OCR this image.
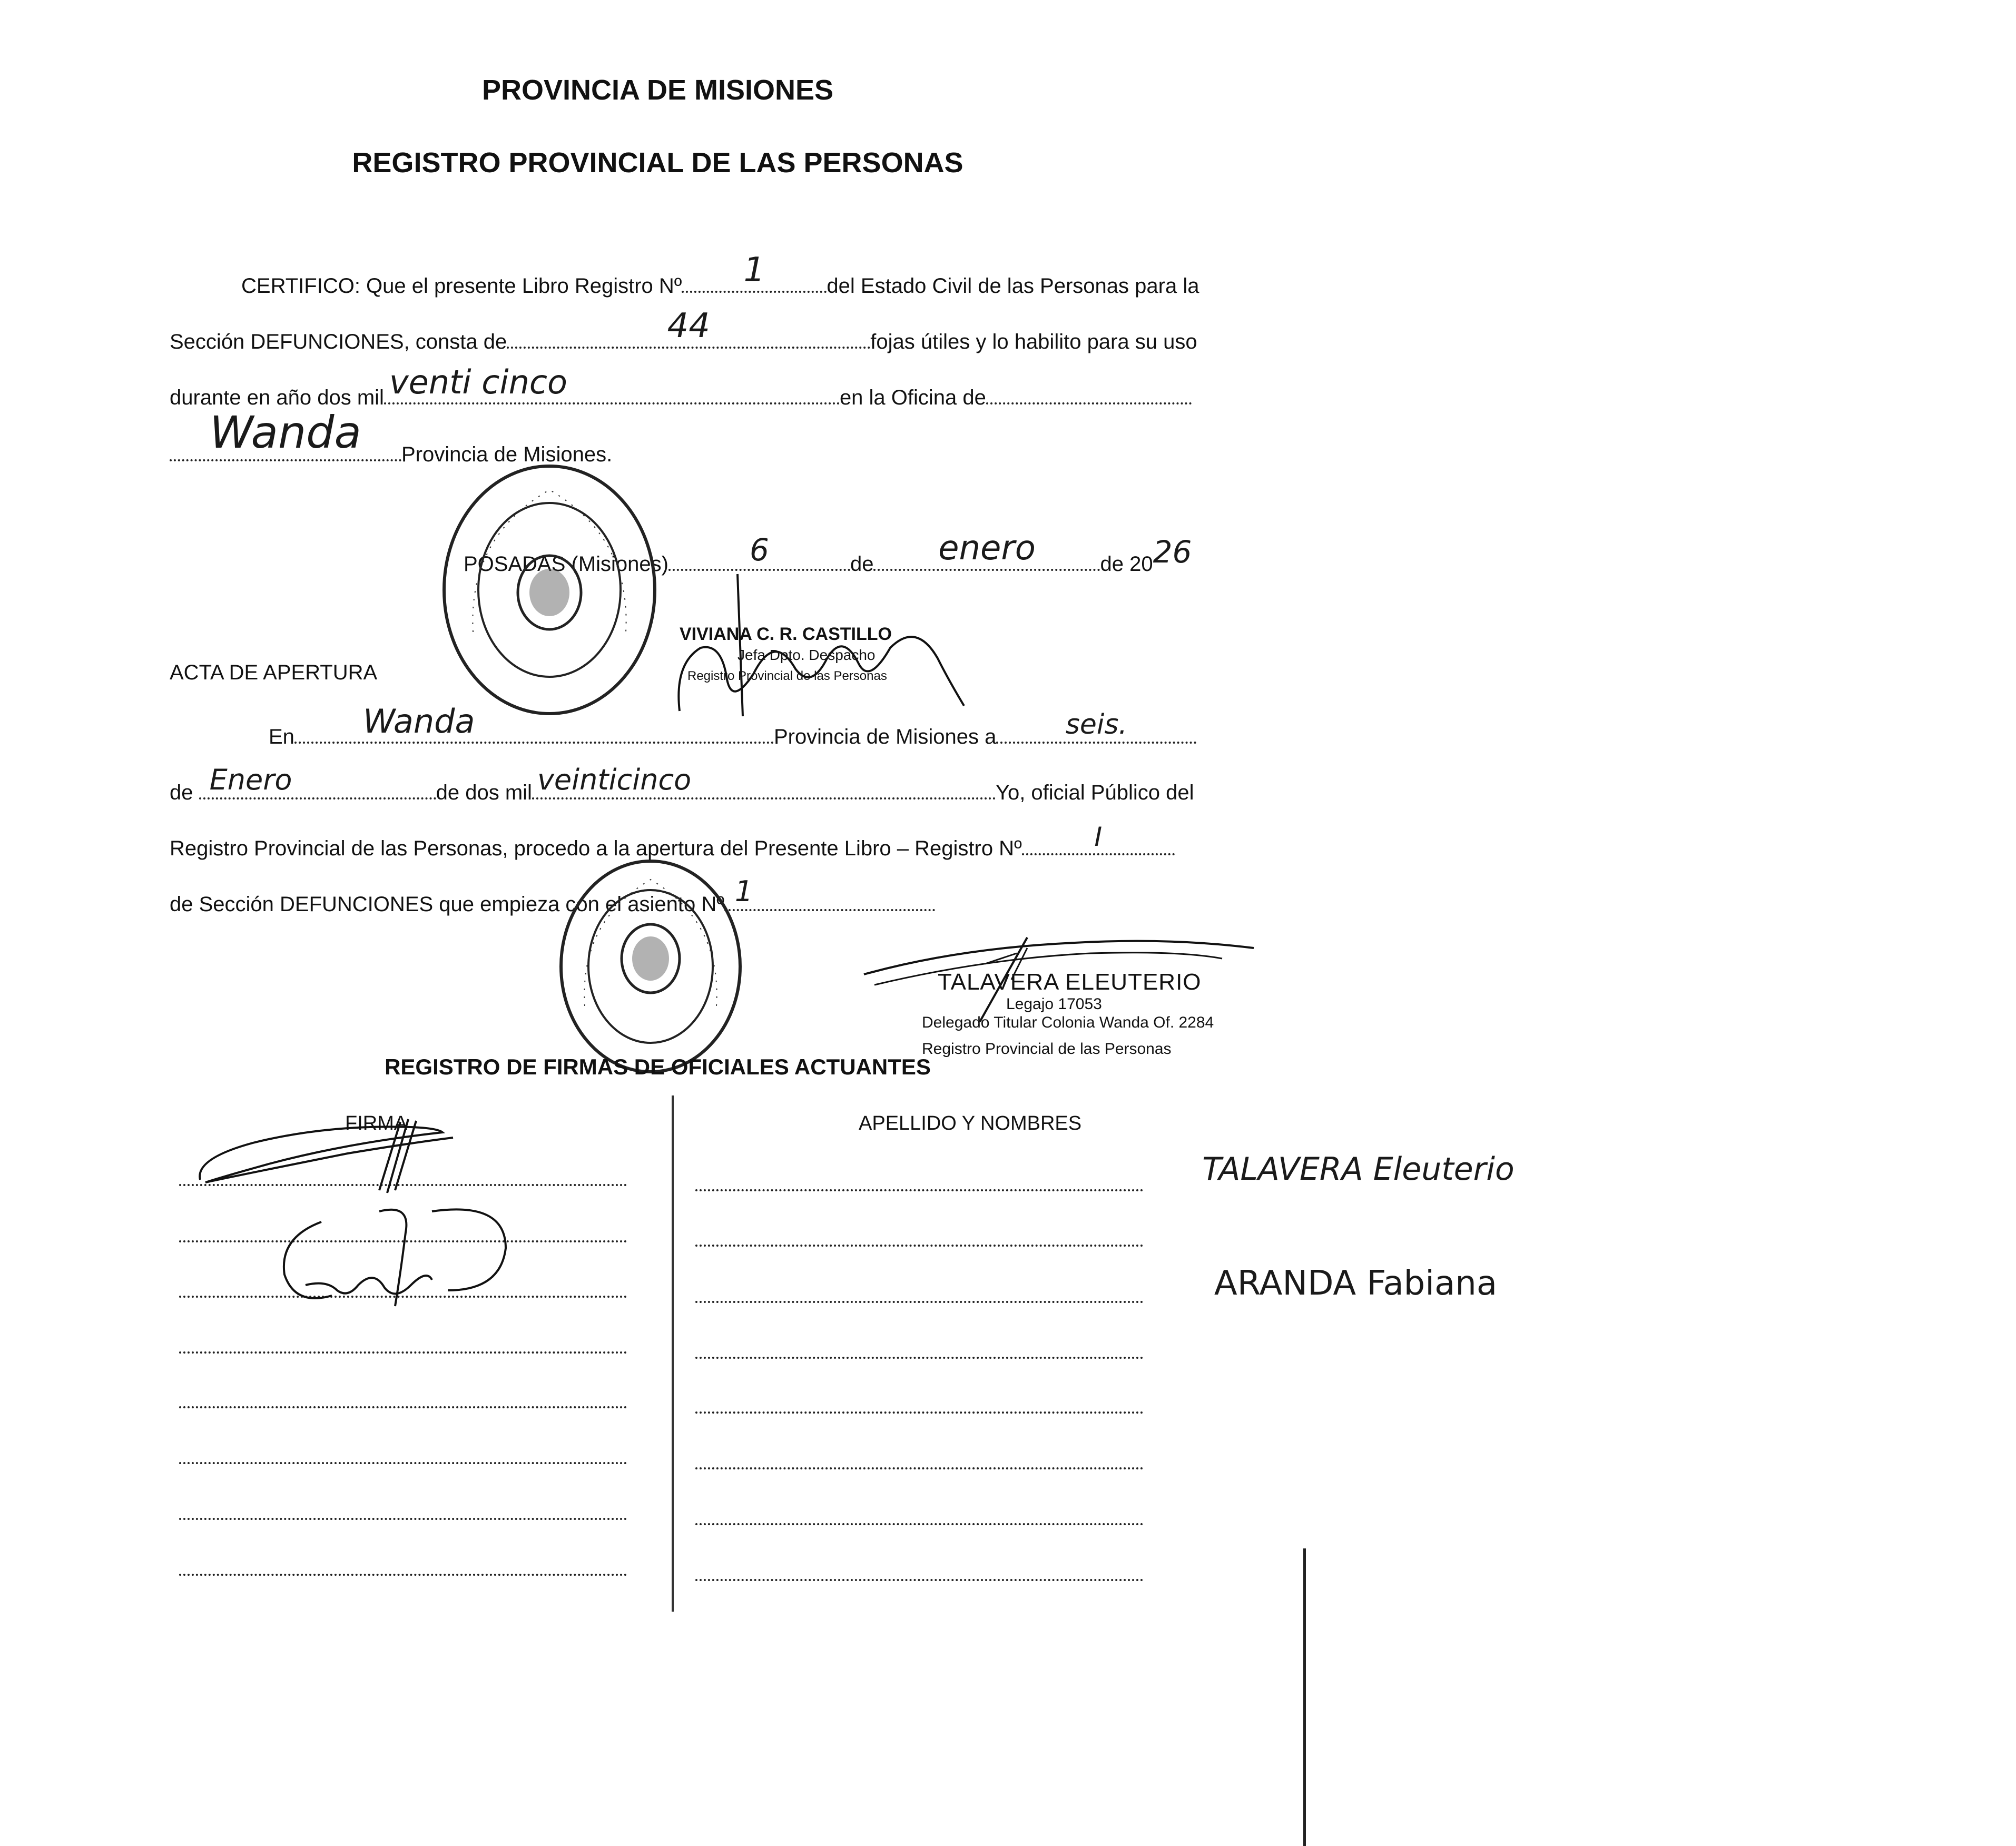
PROVINCIA DE MISIONES
REGISTRO PROVINCIAL DE LAS PERSONAS
CERTIFICO: Que el presente Libro Registro Nº	1	del Estado Civil de las Personas para la
Sección DEFUNCIONES, consta de	44	fojas útiles y lo habilito para su uso
durante en año dos mil venti cinco	en la Oficina de
Wanda	Provincia de Misiones.
POSADAS (Misiones)	6	de	enero	de 20 26
VIVIANA C. R. CASTILLO
Jefa Dpto. Despacho
Registro Provincial de las Personas
ACTA DE APERTURA
En Wanda	Provincia de Misiones a	seis.
de Enero	de dos mil veinticinco	Yo, oficial Público del
Registro Provincial de las Personas, procedo a la apertura del Presente Libro – Registro Nº	I
de Sección DEFUNCIONES que empieza con el asiento Nº 1
TALAVERA ELEUTERIO
Legajo 17053
Delegado Titular Colonia Wanda Of. 2284
Registro Provincial de las Personas
REGISTRO DE FIRMAS DE OFICIALES ACTUANTES
FIRMA	APELLIDO Y NOMBRES
TALAVERA Eleuterio
ARANDA Fabiana
